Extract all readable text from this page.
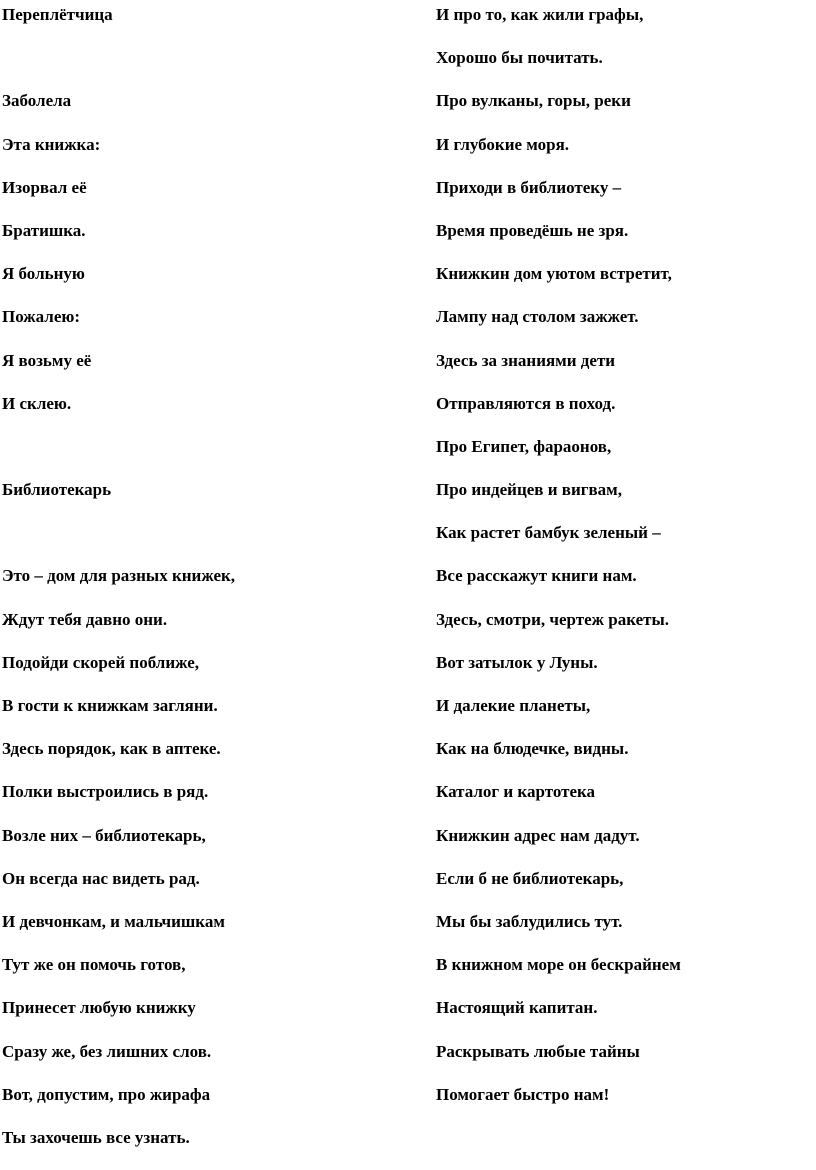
Переплётчица

Заболела

Эта книжка:

Изорвал её

Братишка.

Я больную

Пожалею:

Я возьму её

И склею.

Библиотекарь

Это – дом для разных книжек,

Ждут тебя давно они.

Подойди скорей поближе,

В гости к книжкам загляни.

Здесь порядок, как в аптеке.

Полки выстроились в ряд.

Возле них – библиотекарь,

Он всегда нас видеть рад.

И девчонкам, и мальчишкам

Тут же он помочь готов,

Принесет любую книжку

Сразу же, без лишних слов.

Вот, допустим, про жирафа

Ты захочешь все узнать.

И про то, как жили графы,

Хорошо бы почитать.

Про вулканы, горы, реки

И глубокие моря.

Приходи в библиотеку –

Время проведёшь не зря.

Книжкин дом уютом встретит,

Лампу над столом зажжет.

Здесь за знаниями дети

Отправляются в поход.

Про Египет, фараонов,

Про индейцев и вигвам,

Как растет бамбук зеленый –

Все расскажут книги нам.

Здесь, смотри, чертеж ракеты.

Вот затылок у Луны.

И далекие планеты,

Как на блюдечке, видны.

Каталог и картотека

Книжкин адрес нам дадут.

Если б не библиотекарь,

Мы бы заблудились тут.

В книжном море он бескрайнем

Настоящий капитан.

Раскрывать любые тайны

Помогает быстро нам!
